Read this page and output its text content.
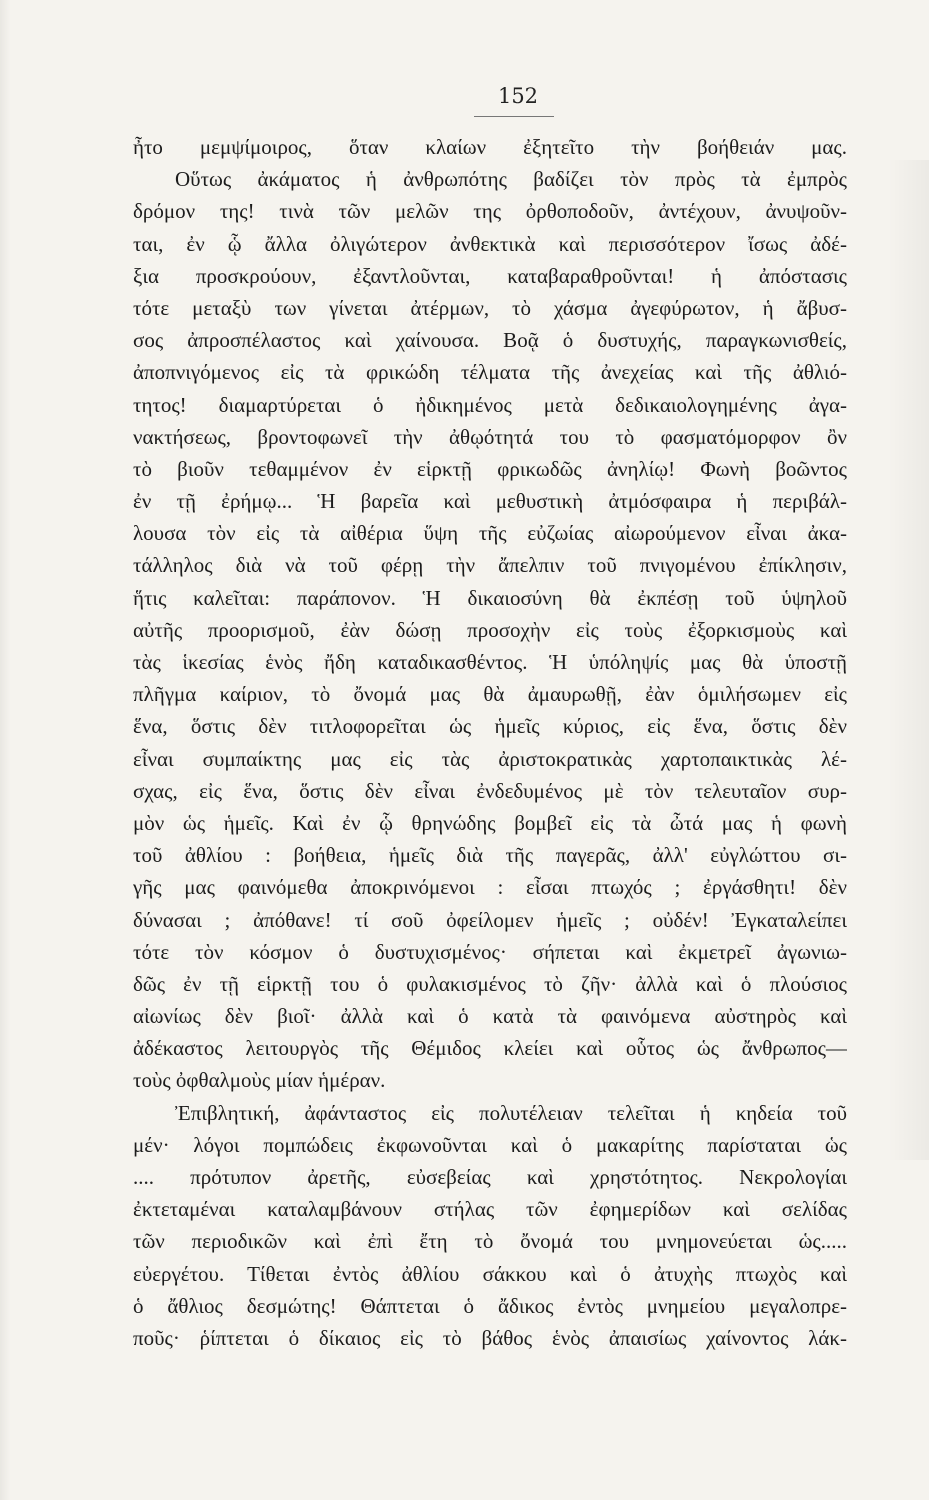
152
ἦτο μεμψίμοιρος, ὅταν κλαίων ἐξητεῖτο τὴν βοήθειάν μας.
Οὕτως ἀκάματος ἡ ἀνθρωπότης βαδίζει τὸν πρὸς τὰ ἐμπρὸς
δρόμον της! τινὰ τῶν μελῶν της ὀρθοποδοῦν, ἀντέχουν, ἀνυψοῦν-
ται, ἐν ᾧ ἄλλα ὀλιγώτερον ἀνθεκτικὰ καὶ περισσότερον ἴσως ἀδέ-
ξια προσκρούουν, ἐξαντλοῦνται, καταβαραθροῦνται! ἡ ἀπόστασις
τότε μεταξὺ των γίνεται ἀτέρμων, τὸ χάσμα ἀγεφύρωτον, ἡ ἄβυσ-
σος ἀπροσπέλαστος καὶ χαίνουσα. Βοᾷ ὁ δυστυχής, παραγκωνισθείς,
ἀποπνιγόμενος εἰς τὰ φρικώδη τέλματα τῆς ἀνεχείας καὶ τῆς ἀθλιό-
τητος! διαμαρτύρεται ὁ ἠδικημένος μετὰ δεδικαιολογημένης ἀγα-
νακτήσεως, βροντοφωνεῖ τὴν ἀθῳότητά του τὸ φασματόμορφον ὂν
τὸ βιοῦν τεθαμμένον ἐν εἱρκτῇ φρικωδῶς ἀνηλίῳ! Φωνὴ βοῶντος
ἐν τῇ ἐρήμῳ... Ἡ βαρεῖα καὶ μεθυστικὴ ἀτμόσφαιρα ἡ περιβάλ-
λουσα τὸν εἰς τὰ αἰθέρια ὕψη τῆς εὐζωίας αἰωρούμενον εἶναι ἀκα-
τάλληλος διὰ νὰ τοῦ φέρῃ τὴν ἄπελπιν τοῦ πνιγομένου ἐπίκλησιν,
ἥτις καλεῖται: παράπονον. Ἡ δικαιοσύνη θὰ ἐκπέσῃ τοῦ ὑψηλοῦ
αὐτῆς προορισμοῦ, ἐὰν δώσῃ προσοχὴν εἰς τοὺς ἐξορκισμοὺς καὶ
τὰς ἱκεσίας ἑνὸς ἤδη καταδικασθέντος. Ἡ ὑπόληψίς μας θὰ ὑποστῇ
πλῆγμα καίριον, τὸ ὄνομά μας θὰ ἀμαυρωθῇ, ἐὰν ὁμιλήσωμεν εἰς
ἕνα, ὅστις δὲν τιτλοφορεῖται ὡς ἡμεῖς κύριος, εἰς ἕνα, ὅστις δὲν
εἶναι συμπαίκτης μας εἰς τὰς ἀριστοκρατικὰς χαρτοπαικτικὰς λέ-
σχας, εἰς ἕνα, ὅστις δὲν εἶναι ἐνδεδυμένος μὲ τὸν τελευταῖον συρ-
μὸν ὡς ἡμεῖς. Καὶ ἐν ᾧ θρηνώδης βομβεῖ εἰς τὰ ὦτά μας ἡ φωνὴ
τοῦ ἀθλίου : βοήθεια, ἡμεῖς διὰ τῆς παγερᾶς, ἀλλ' εὐγλώττου σι-
γῆς μας φαινόμεθα ἀποκρινόμενοι : εἶσαι πτωχός ; ἐργάσθητι! δὲν
δύνασαι ; ἀπόθανε! τί σοῦ ὀφείλομεν ἡμεῖς ; οὐδέν! Ἐγκαταλείπει
τότε τὸν κόσμον ὁ δυστυχισμένος· σήπεται καὶ ἐκμετρεῖ ἀγωνιω-
δῶς ἐν τῇ εἱρκτῇ του ὁ φυλακισμένος τὸ ζῆν· ἀλλὰ καὶ ὁ πλούσιος
αἰωνίως δὲν βιοῖ· ἀλλὰ καὶ ὁ κατὰ τὰ φαινόμενα αὐστηρὸς καὶ
ἀδέκαστος λειτουργὸς τῆς Θέμιδος κλείει καὶ οὗτος ὡς ἄνθρωπος—
τοὺς ὀφθαλμοὺς μίαν ἡμέραν.
Ἐπιβλητική, ἀφάνταστος εἰς πολυτέλειαν τελεῖται ἡ κηδεία τοῦ
μέν· λόγοι πομπώδεις ἐκφωνοῦνται καὶ ὁ μακαρίτης παρίσταται ὡς
.... πρότυπον ἀρετῆς, εὐσεβείας καὶ χρηστότητος. Νεκρολογίαι
ἐκτεταμέναι καταλαμβάνουν στήλας τῶν ἐφημερίδων καὶ σελίδας
τῶν περιοδικῶν καὶ ἐπὶ ἔτη τὸ ὄνομά του μνημονεύεται ὡς.....
εὐεργέτου. Τίθεται ἐντὸς ἀθλίου σάκκου καὶ ὁ ἀτυχὴς πτωχὸς καὶ
ὁ ἄθλιος δεσμώτης! Θάπτεται ὁ ἄδικος ἐντὸς μνημείου μεγαλοπρε-
ποῦς· ῥίπτεται ὁ δίκαιος εἰς τὸ βάθος ἑνὸς ἀπαισίως χαίνοντος λάκ-
